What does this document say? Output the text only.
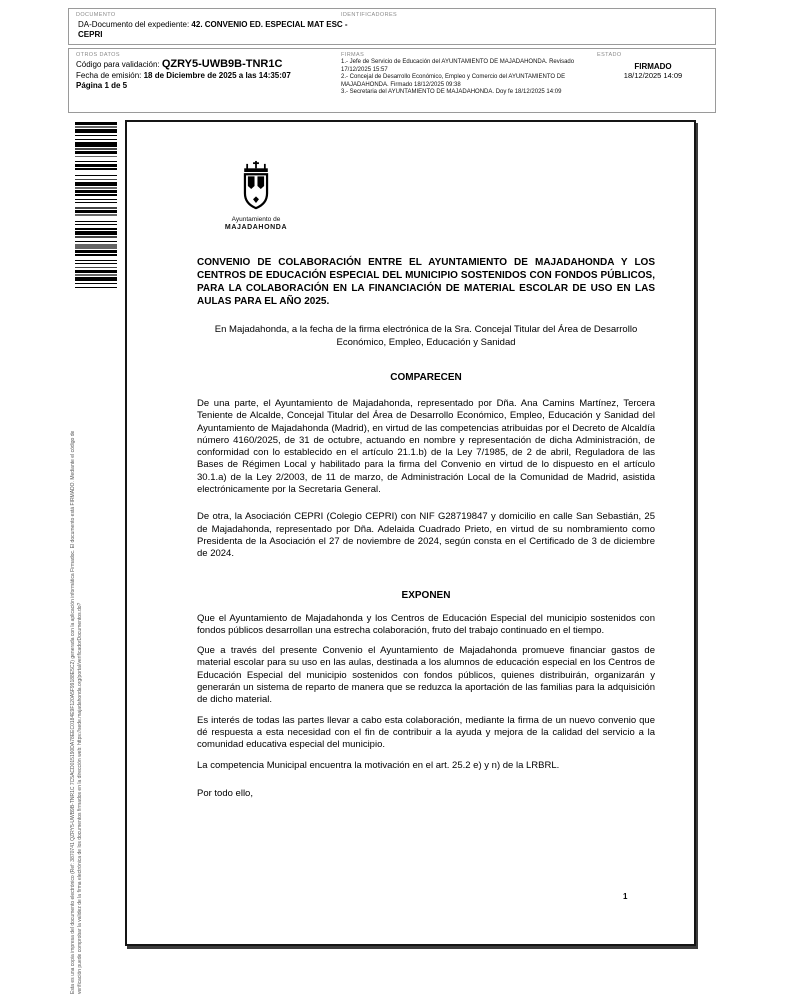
DOCUMENTO	IDENTIFICADORES
DA-Documento del expediente: 42. CONVENIO ED. ESPECIAL MAT ESC - CEPRI
OTROS DATOS
Código para validación: QZRY5-UWB9B-TNR1C
Fecha de emisión: 18 de Diciembre de 2025 a las 14:35:07
Página 1 de 5
FIRMAS
1.- Jefe de Servicio de Educación del AYUNTAMIENTO DE MAJADAHONDA. Revisado 17/12/2025 15:57
2.- Concejal de Desarrollo Económico, Empleo y Comercio del AYUNTAMIENTO DE MAJADAHONDA. Firmado 18/12/2025 09:38
3.- Secretaria del AYUNTAMIENTO DE MAJADAHONDA. Doy fe 18/12/2025 14:09
ESTADO
FIRMADO
18/12/2025 14:09
Esta es una copia impresa del documento electrónico (Ref: 3870741 QZRY5-UWB9B-TNR1C 7C5ACD015190DA78EEC0184E9F120A5F99188E5C2) generada con la aplicación informática Firmadoc. El documento está FIRMADO. Mediante el código de verificación puede comprobar la validez de la firma electrónica de los documentos firmados en la dirección web: https://sede.majadahonda.org/portal/verificadorDocumentos.do?
Ayuntamiento de
MAJADAHONDA

CONVENIO DE COLABORACIÓN ENTRE EL AYUNTAMIENTO DE MAJADAHONDA Y LOS CENTROS DE EDUCACIÓN ESPECIAL DEL MUNICIPIO SOSTENIDOS CON FONDOS PÚBLICOS, PARA LA COLABORACIÓN EN LA FINANCIACIÓN DE MATERIAL ESCOLAR DE USO EN LAS AULAS PARA EL AÑO 2025.

En Majadahonda, a la fecha de la firma electrónica de la Sra. Concejal Titular del Área de Desarrollo Económico, Empleo, Educación y Sanidad

COMPARECEN

De una parte, el Ayuntamiento de Majadahonda, representado por Dña. Ana Camins Martínez, Tercera Teniente de Alcalde, Concejal Titular del Área de Desarrollo Económico, Empleo, Educación y Sanidad del Ayuntamiento de Majadahonda (Madrid), en virtud de las competencias atribuidas por el Decreto de Alcaldía número 4160/2025, de 31 de octubre, actuando en nombre y representación de dicha Administración, de conformidad con lo establecido en el artículo 21.1.b) de la Ley 7/1985, de 2 de abril, Reguladora de las Bases de Régimen Local y habilitado para la firma del Convenio en virtud de lo dispuesto en el artículo 30.1.a) de la Ley 2/2003, de 11 de marzo, de Administración Local de la Comunidad de Madrid, asistida electrónicamente por la Secretaria General.

De otra, la Asociación CEPRI (Colegio CEPRI) con NIF G28719847 y domicilio en calle San Sebastián, 25 de Majadahonda, representado por Dña. Adelaida Cuadrado Prieto, en virtud de su nombramiento como Presidenta de la Asociación el 27 de noviembre de 2024, según consta en el Certificado de 3 de diciembre de 2024.

EXPONEN

Que el Ayuntamiento de Majadahonda y los Centros de Educación Especial del municipio sostenidos con fondos públicos desarrollan una estrecha colaboración, fruto del trabajo continuado en el tiempo.

Que a través del presente Convenio el Ayuntamiento de Majadahonda promueve financiar gastos de material escolar para su uso en las aulas, destinada a los alumnos de educación especial en los Centros de Educación Especial del municipio sostenidos con fondos públicos, quienes distribuirán, organizarán y generarán un sistema de reparto de manera que se reduzca la aportación de las familias para la adquisición de dicho material.

Es interés de todas las partes llevar a cabo esta colaboración, mediante la firma de un nuevo convenio que dé respuesta a esta necesidad con el fin de contribuir a la ayuda y mejora de la calidad del servicio a la comunidad educativa especial del municipio.

La competencia Municipal encuentra la motivación en el art. 25.2 e) y n) de la LRBRL.

Por todo ello,

1
